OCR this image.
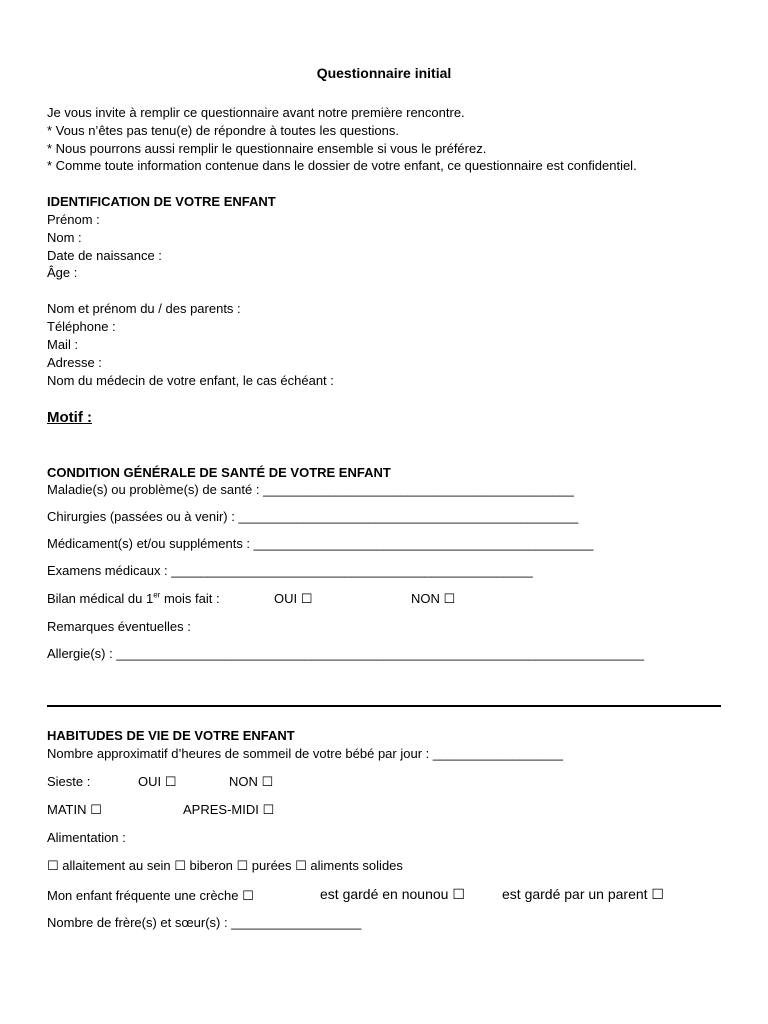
Questionnaire initial
Je vous invite à remplir ce questionnaire avant notre première rencontre.
* Vous n’êtes pas tenu(e) de répondre à toutes les questions.
* Nous pourrons aussi remplir le questionnaire ensemble si vous le préférez.
* Comme toute information contenue dans le dossier de votre enfant, ce questionnaire est confidentiel.
IDENTIFICATION DE VOTRE ENFANT
Prénom :
Nom :
Date de naissance :
Âge :
Nom et prénom du / des parents :
Téléphone :
Mail :
Adresse :
Nom du médecin de votre enfant, le cas échéant :
Motif :
CONDITION GÉNÉRALE DE SANTÉ DE VOTRE ENFANT
Maladie(s) ou problème(s) de santé : ___________________________________________
Chirurgies (passées ou à venir) : _______________________________________________
Médicament(s) et/ou suppléments : _______________________________________________
Examens médicaux : __________________________________________________
Bilan médical du 1er mois fait :	OUI ☐	NON ☐
Remarques éventuelles :
Allergie(s) : _________________________________________________________________________
HABITUDES DE VIE DE VOTRE ENFANT
Nombre approximatif d’heures de sommeil de votre bébé par jour : __________________
Sieste :	OUI ☐	NON ☐
MATIN ☐	APRES-MIDI ☐
Alimentation :
☐ allaitement au sein ☐ biberon ☐ purées ☐ aliments solides
Mon enfant fréquente une crèche ☐	est gardé en nounou ☐	est gardé par un parent ☐
Nombre de frère(s) et sœur(s) : __________________
